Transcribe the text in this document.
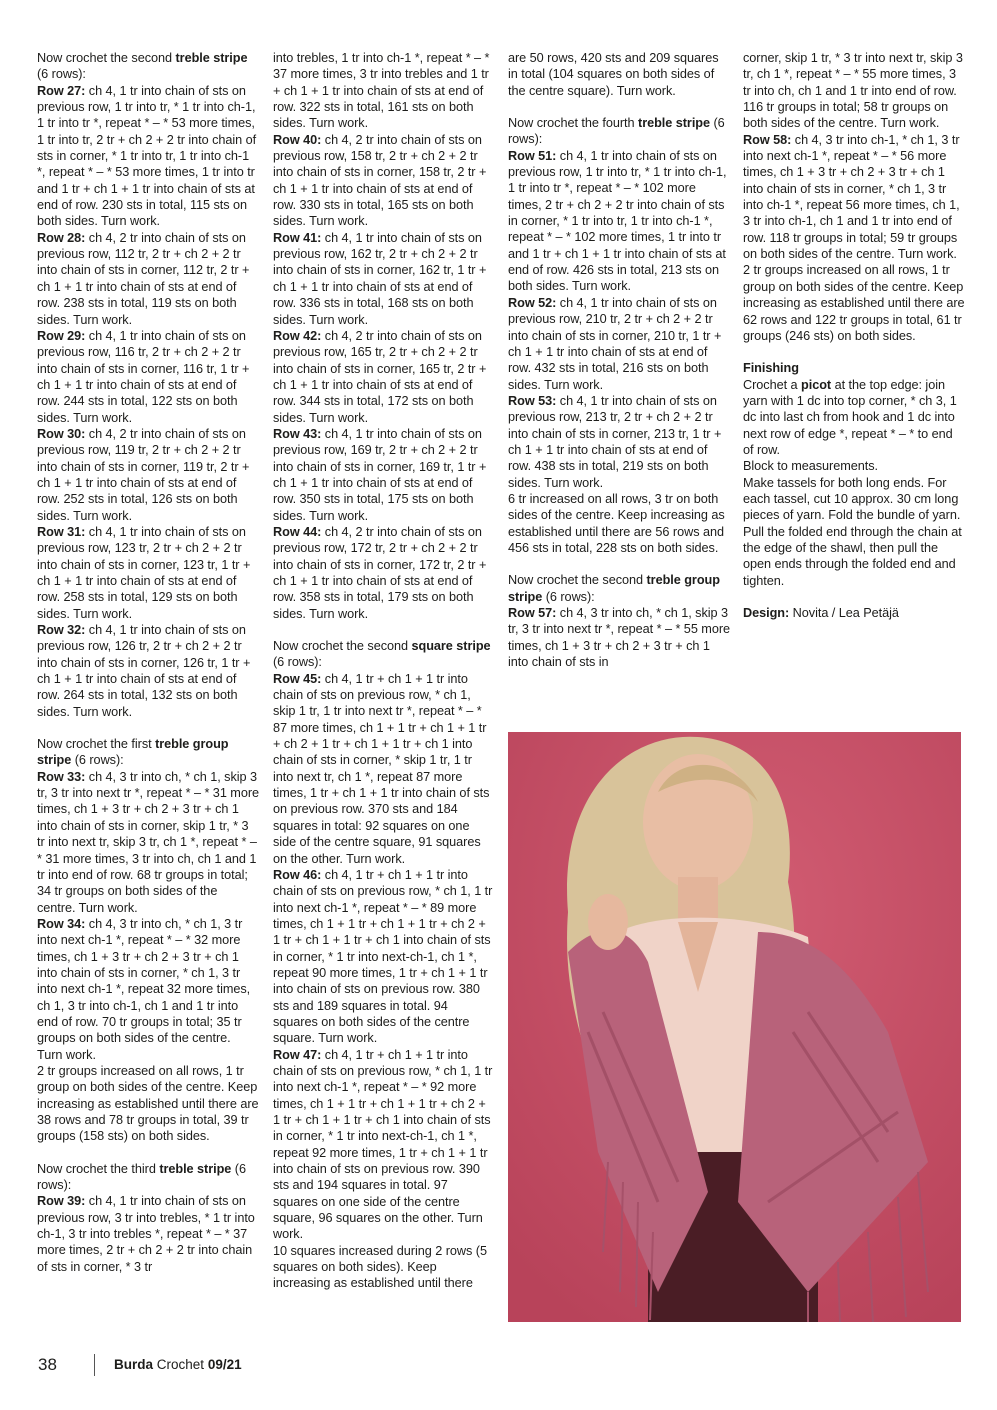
Now crochet the second treble stripe (6 rows):

Row 27: ch 4, 1 tr into chain of sts on previous row, 1 tr into tr, * 1 tr into ch-1, 1 tr into tr *, repeat * – * 53 more times, 1 tr into tr, 2 tr + ch 2 + 2 tr into chain of sts in corner, * 1 tr into tr, 1 tr into ch-1 *, repeat * – * 53 more times, 1 tr into tr and 1 tr + ch 1 + 1 tr into chain of sts at end of row. 230 sts in total, 115 sts on both sides. Turn work.

Row 28: ch 4, 2 tr into chain of sts on previous row, 112 tr, 2 tr + ch 2 + 2 tr into chain of sts in corner, 112 tr, 2 tr + ch 1 + 1 tr into chain of sts at end of row. 238 sts in total, 119 sts on both sides. Turn work.

Row 29: ch 4, 1 tr into chain of sts on previous row, 116 tr, 2 tr + ch 2 + 2 tr into chain of sts in corner, 116 tr, 1 tr + ch 1 + 1 tr into chain of sts at end of row. 244 sts in total, 122 sts on both sides. Turn work.

Row 30: ch 4, 2 tr into chain of sts on previous row, 119 tr, 2 tr + ch 2 + 2 tr into chain of sts in corner, 119 tr, 2 tr + ch 1 + 1 tr into chain of sts at end of row. 252 sts in total, 126 sts on both sides. Turn work.

Row 31: ch 4, 1 tr into chain of sts on previous row, 123 tr, 2 tr + ch 2 + 2 tr into chain of sts in corner, 123 tr, 1 tr + ch 1 + 1 tr into chain of sts at end of row. 258 sts in total, 129 sts on both sides. Turn work.

Row 32: ch 4, 1 tr into chain of sts on previous row, 126 tr, 2 tr + ch 2 + 2 tr into chain of sts in corner, 126 tr, 1 tr + ch 1 + 1 tr into chain of sts at end of row. 264 sts in total, 132 sts on both sides. Turn work.

Now crochet the first treble group stripe (6 rows):

Row 33: ch 4, 3 tr into ch, * ch 1, skip 3 tr, 3 tr into next tr *, repeat * – * 31 more times, ch 1 + 3 tr + ch 2 + 3 tr + ch 1 into chain of sts in corner, skip 1 tr, * 3 tr into next tr, skip 3 tr, ch 1 *, repeat * – * 31 more times, 3 tr into ch, ch 1 and 1 tr into end of row. 68 tr groups in total; 34 tr groups on both sides of the centre. Turn work.

Row 34: ch 4, 3 tr into ch, * ch 1, 3 tr into next ch-1 *, repeat * – * 32 more times, ch 1 + 3 tr + ch 2 + 3 tr + ch 1 into chain of sts in corner, * ch 1, 3 tr into next ch-1 *, repeat 32 more times, ch 1, 3 tr into ch-1, ch 1 and 1 tr into end of row. 70 tr groups in total; 35 tr groups on both sides of the centre. Turn work.

2 tr groups increased on all rows, 1 tr group on both sides of the centre. Keep increasing as established until there are 38 rows and 78 tr groups in total, 39 tr groups (158 sts) on both sides.

Now crochet the third treble stripe (6 rows):

Row 39: ch 4, 1 tr into chain of sts on previous row, 3 tr into trebles, * 1 tr into ch-1, 3 tr into trebles *, repeat * – * 37 more times, 2 tr + ch 2 + 2 tr into chain of sts in corner, * 3 tr

into trebles, 1 tr into ch-1 *, repeat * – * 37 more times, 3 tr into trebles and 1 tr + ch 1 + 1 tr into chain of sts at end of row. 322 sts in total, 161 sts on both sides. Turn work.

Row 40: ch 4, 2 tr into chain of sts on previous row, 158 tr, 2 tr + ch 2 + 2 tr into chain of sts in corner, 158 tr, 2 tr + ch 1 + 1 tr into chain of sts at end of row. 330 sts in total, 165 sts on both sides. Turn work.

Row 41: ch 4, 1 tr into chain of sts on previous row, 162 tr, 2 tr + ch 2 + 2 tr into chain of sts in corner, 162 tr, 1 tr + ch 1 + 1 tr into chain of sts at end of row. 336 sts in total, 168 sts on both sides. Turn work.

Row 42: ch 4, 2 tr into chain of sts on previous row, 165 tr, 2 tr + ch 2 + 2 tr into chain of sts in corner, 165 tr, 2 tr + ch 1 + 1 tr into chain of sts at end of row. 344 sts in total, 172 sts on both sides. Turn work.

Row 43: ch 4, 1 tr into chain of sts on previous row, 169 tr, 2 tr + ch 2 + 2 tr into chain of sts in corner, 169 tr, 1 tr + ch 1 + 1 tr into chain of sts at end of row. 350 sts in total, 175 sts on both sides. Turn work.

Row 44: ch 4, 2 tr into chain of sts on previous row, 172 tr, 2 tr + ch 2 + 2 tr into chain of sts in corner, 172 tr, 2 tr + ch 1 + 1 tr into chain of sts at end of row. 358 sts in total, 179 sts on both sides. Turn work.

Now crochet the second square stripe (6 rows):

Row 45: ch 4, 1 tr + ch 1 + 1 tr into chain of sts on previous row, * ch 1, skip 1 tr, 1 tr into next tr *, repeat * – * 87 more times, ch 1 + 1 tr + ch 1 + 1 tr + ch 2 + 1 tr + ch 1 + 1 tr + ch 1 into chain of sts in corner, * skip 1 tr, 1 tr into next tr, ch 1 *, repeat 87 more times, 1 tr + ch 1 + 1 tr into chain of sts on previous row. 370 sts and 184 squares in total: 92 squares on one side of the centre square, 91 squares on the other. Turn work.

Row 46: ch 4, 1 tr + ch 1 + 1 tr into chain of sts on previous row, * ch 1, 1 tr into next ch-1 *, repeat * – * 89 more times, ch 1 + 1 tr + ch 1 + 1 tr + ch 2 + 1 tr + ch 1 + 1 tr + ch 1 into chain of sts in corner, * 1 tr into next-ch-1, ch 1 *, repeat 90 more times, 1 tr + ch 1 + 1 tr into chain of sts on previous row. 380 sts and 189 squares in total. 94 squares on both sides of the centre square. Turn work.

Row 47: ch 4, 1 tr + ch 1 + 1 tr into chain of sts on previous row, * ch 1, 1 tr into next ch-1 *, repeat * – * 92 more times, ch 1 + 1 tr + ch 1 + 1 tr + ch 2 + 1 tr + ch 1 + 1 tr + ch 1 into chain of sts in corner, * 1 tr into next-ch-1, ch 1 *, repeat 92 more times, 1 tr + ch 1 + 1 tr into chain of sts on previous row. 390 sts and 194 squares in total. 97 squares on one side of the centre square, 96 squares on the other. Turn work.

10 squares increased during 2 rows (5 squares on both sides). Keep increasing as established until there

are 50 rows, 420 sts and 209 squares in total (104 squares on both sides of the centre square). Turn work.

Now crochet the fourth treble stripe (6 rows):

Row 51: ch 4, 1 tr into chain of sts on previous row, 1 tr into tr, * 1 tr into ch-1, 1 tr into tr *, repeat * – * 102 more times, 2 tr + ch 2 + 2 tr into chain of sts in corner, * 1 tr into tr, 1 tr into ch-1 *, repeat * – * 102 more times, 1 tr into tr and 1 tr + ch 1 + 1 tr into chain of sts at end of row. 426 sts in total, 213 sts on both sides. Turn work.

Row 52: ch 4, 1 tr into chain of sts on previous row, 210 tr, 2 tr + ch 2 + 2 tr into chain of sts in corner, 210 tr, 1 tr + ch 1 + 1 tr into chain of sts at end of row. 432 sts in total, 216 sts on both sides. Turn work.

Row 53: ch 4, 1 tr into chain of sts on previous row, 213 tr, 2 tr + ch 2 + 2 tr into chain of sts in corner, 213 tr, 1 tr + ch 1 + 1 tr into chain of sts at end of row. 438 sts in total, 219 sts on both sides. Turn work.

6 tr increased on all rows, 3 tr on both sides of the centre. Keep increasing as established until there are 56 rows and 456 sts in total, 228 sts on both sides.

Now crochet the second treble group stripe (6 rows):

Row 57: ch 4, 3 tr into ch, * ch 1, skip 3 tr, 3 tr into next tr *, repeat * – * 55 more times, ch 1 + 3 tr + ch 2 + 3 tr + ch 1 into chain of sts in

corner, skip 1 tr, * 3 tr into next tr, skip 3 tr, ch 1 *, repeat * – * 55 more times, 3 tr into ch, ch 1 and 1 tr into end of row. 116 tr groups in total; 58 tr groups on both sides of the centre. Turn work.

Row 58: ch 4, 3 tr into ch-1, * ch 1, 3 tr into next ch-1 *, repeat * – * 56 more times, ch 1 + 3 tr + ch 2 + 3 tr + ch 1 into chain of sts in corner, * ch 1, 3 tr into ch-1 *, repeat 56 more times, ch 1, 3 tr into ch-1, ch 1 and 1 tr into end of row. 118 tr groups in total; 59 tr groups on both sides of the centre. Turn work.

2 tr groups increased on all rows, 1 tr group on both sides of the centre. Keep increasing as established until there are 62 rows and 122 tr groups in total, 61 tr groups (246 sts) on both sides.

Finishing

Crochet a picot at the top edge: join yarn with 1 dc into top corner, * ch 3, 1 dc into last ch from hook and 1 dc into next row of edge *, repeat * – * to end of row.

Block to measurements.

Make tassels for both long ends. For each tassel, cut 10 approx. 30 cm long pieces of yarn. Fold the bundle of yarn. Pull the folded end through the chain at the edge of the shawl, then pull the open ends through the folded end and tighten.

Design: Novita / Lea Petäjä

38	Burda Crochet 09/21
